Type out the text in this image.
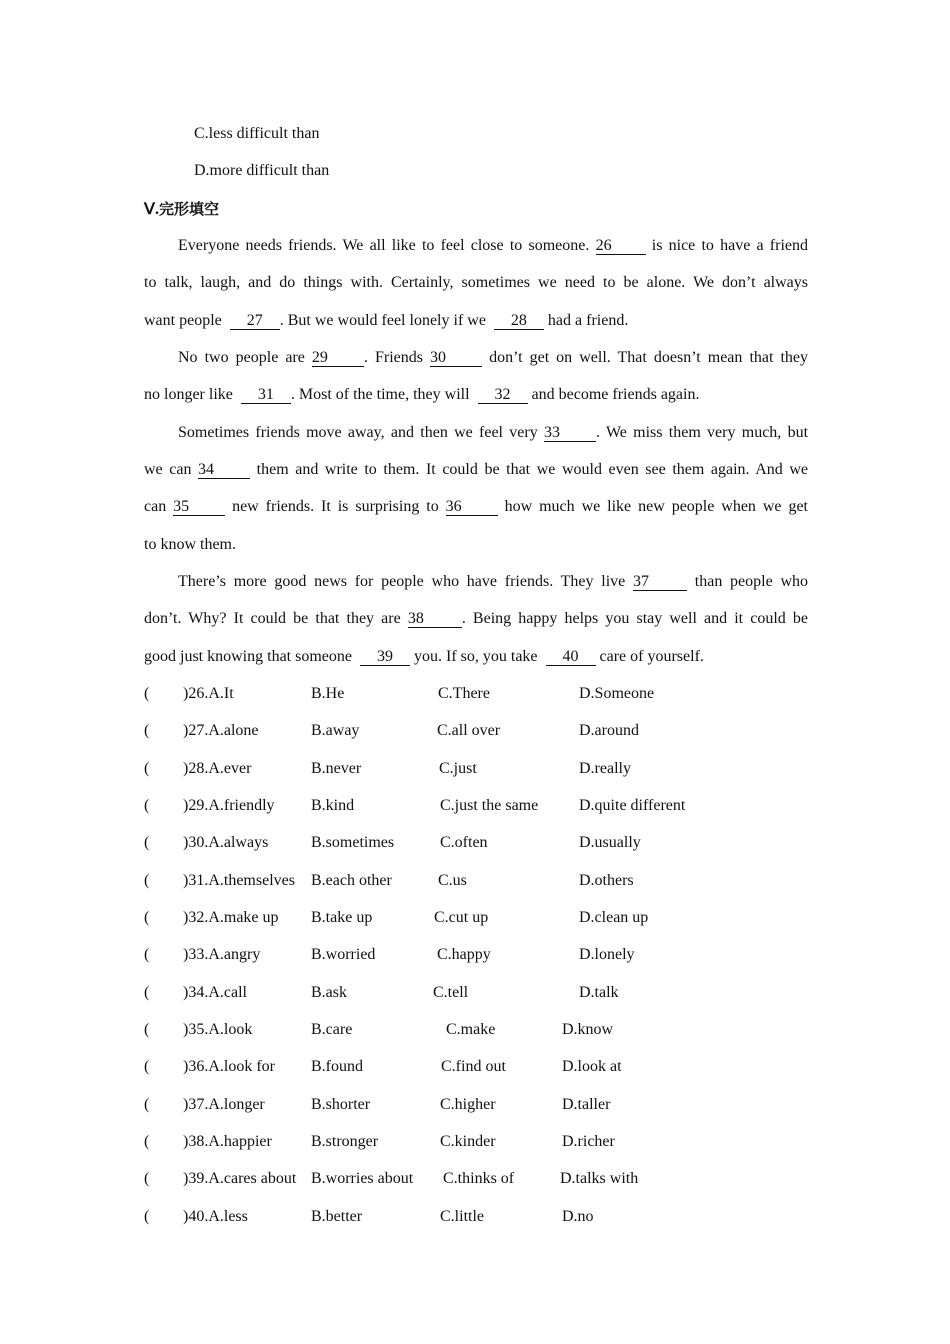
C.less difficult than
D.more difficult than
Ⅴ.完形填空
Everyone needs friends. We all like to feel close to someone. 26	is nice to have a friend
to talk, laugh, and do things with. Certainly, sometimes we need to be alone. We don’t always
want people 27 . But we would feel lonely if we 28 had a friend.
No two people are 29 . Friends 30	don’t get on well. That doesn’t mean that they
no longer like 31 . Most of the time, they will 32 and become friends again.
Sometimes friends move away, and then we feel very 33 . We miss them very much, but
we can 34	them and write to them. It could be that we would even see them again. And we
can 35	new friends. It is surprising to 36	how much we like new people when we get
to know them.
There’s more good news for people who have friends. They live 37	than people who
don’t. Why? It could be that they are 38 . Being happy helps you stay well and it could be
good just knowing that someone 39 you. If so, you take 40 care of yourself.
( )26.A.It	B.He	C.There	D.Someone
( )27.A.alone	B.away	C.all over	D.around
( )28.A.ever	B.never	C.just	D.really
( )29.A.friendly B.kind	C.just the same	D.quite different
( )30.A.always	B.sometimes	C.often	D.usually
( )31.A.themselves B.each other	C.us	D.others
( )32.A.make up B.take up	C.cut up	D.clean up
( )33.A.angry	B.worried	C.happy	D.lonely
( )34.A.call	B.ask	C.tell	D.talk
( )35.A.look	B.care	C.make	D.know
( )36.A.look for B.found	C.find out	D.look at
( )37.A.longer	B.shorter	C.higher	D.taller
( )38.A.happier B.stronger	C.kinder	D.richer
( )39.A.cares about B.worries about C.thinks of	D.talks with
( )40.A.less	B.better	C.little	D.no
